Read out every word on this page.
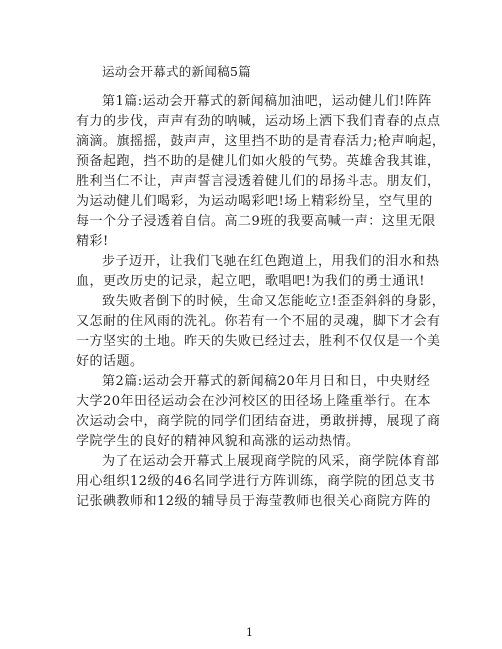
运动会开幕式的新闻稿5篇
第1篇:运动会开幕式的新闻稿加油吧，运动健儿们!阵阵
有力的步伐，声声有劲的呐喊，运动场上洒下我们青春的点点
滴滴。旗摇摇，鼓声声，这里挡不助的是青春活力;枪声响起，
预备起跑，挡不助的是健儿们如火般的气势。英雄舍我其谁，
胜利当仁不让，声声誓言浸透着健儿们的昂扬斗志。朋友们，
为运动健儿们喝彩，为运动喝彩吧!场上精彩纷呈，空气里的
每一个分子浸透着自信。高二9班的我要高喊一声：这里无限
精彩!
步子迈开，让我们飞驰在红色跑道上，用我们的泪水和热
血，更改历史的记录，起立吧，歌唱吧!为我们的勇士通讯!
致失败者倒下的时候，生命又怎能屹立!歪歪斜斜的身影，
又怎耐的住风雨的洗礼。你若有一个不屈的灵魂，脚下才会有
一方坚实的土地。昨天的失败已经过去，胜利不仅仅是一个美
好的话题。
第2篇:运动会开幕式的新闻稿20年月日和日，中央财经
大学20年田径运动会在沙河校区的田径场上隆重举行。在本
次运动会中，商学院的同学们团结奋进，勇敢拼搏，展现了商
学院学生的良好的精神风貌和高涨的运动热情。
为了在运动会开幕式上展现商学院的风采，商学院体育部
用心组织12级的46名同学进行方阵训练，商学院的团总支书
记张碘教师和12级的辅导员于海莹教师也很关心商院方阵的
1
